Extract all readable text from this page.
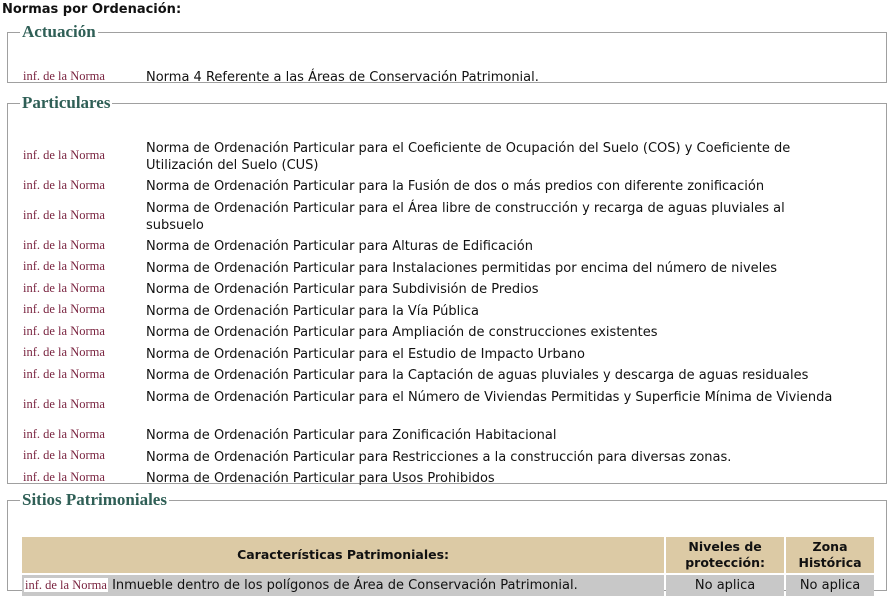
Normas por Ordenación:
Actuación
inf. de la Norma	Norma 4 Referente a las Áreas de Conservación Patrimonial.
Particulares
inf. de la Norma	Norma de Ordenación Particular para el Coeficiente de Ocupación del Suelo (COS) y Coeficiente de Utilización del Suelo (CUS)
inf. de la Norma	Norma de Ordenación Particular para la Fusión de dos o más predios con diferente zonificación
inf. de la Norma	Norma de Ordenación Particular para el Área libre de construcción y recarga de aguas pluviales al subsuelo
inf. de la Norma	Norma de Ordenación Particular para Alturas de Edificación
inf. de la Norma	Norma de Ordenación Particular para Instalaciones permitidas por encima del número de niveles
inf. de la Norma	Norma de Ordenación Particular para Subdivisión de Predios
inf. de la Norma	Norma de Ordenación Particular para la Vía Pública
inf. de la Norma	Norma de Ordenación Particular para Ampliación de construcciones existentes
inf. de la Norma	Norma de Ordenación Particular para el Estudio de Impacto Urbano
inf. de la Norma	Norma de Ordenación Particular para la Captación de aguas pluviales y descarga de aguas residuales
inf. de la Norma	Norma de Ordenación Particular para el Número de Viviendas Permitidas y Superficie Mínima de Vivienda
inf. de la Norma	Norma de Ordenación Particular para Zonificación Habitacional
inf. de la Norma	Norma de Ordenación Particular para Restricciones a la construcción para diversas zonas.
inf. de la Norma	Norma de Ordenación Particular para Usos Prohibidos
Sitios Patrimoniales
Características Patrimoniales:	Niveles de protección:	Zona Histórica
inf. de la Norma Inmueble dentro de los polígonos de Área de Conservación Patrimonial.	No aplica	No aplica
